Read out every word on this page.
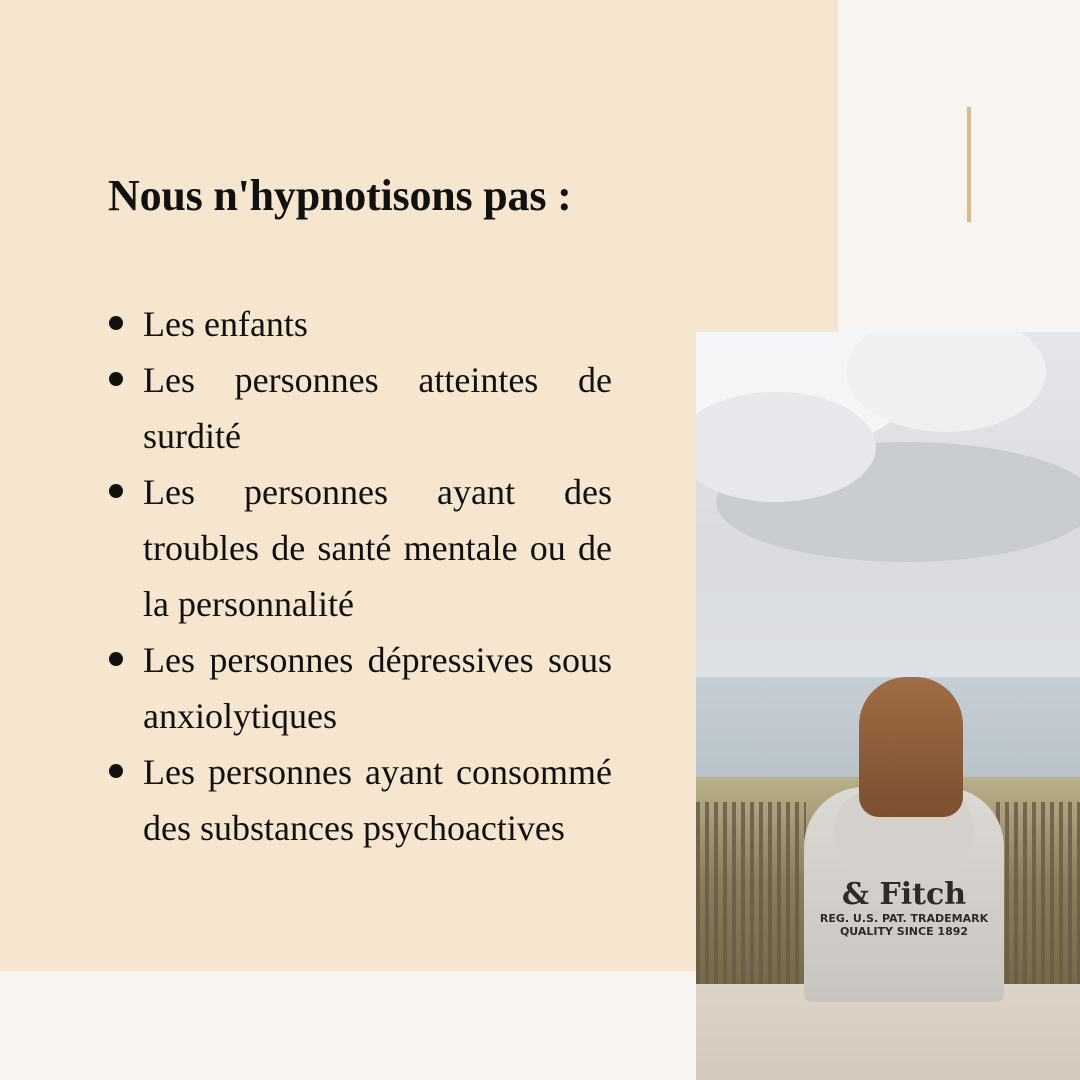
Nous n'hypnotisons pas :
Les enfants
Les personnes atteintes de surdité
Les personnes ayant des troubles de santé mentale ou de la personnalité
Les personnes dépressives sous anxiolytiques
Les personnes ayant consommé des substances psychoactives
& Fitch
REG. U.S. PAT. TRADEMARK
QUALITY SINCE 1892
